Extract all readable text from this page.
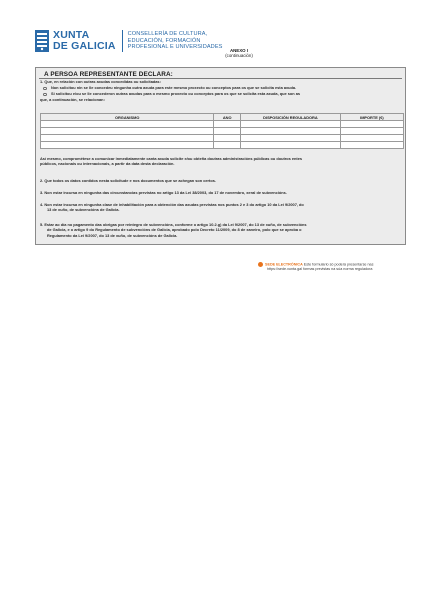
XUNTA
DE GALICIA
CONSELLERÍA DE CULTURA,
EDUCACIÓN, FORMACIÓN
PROFESIONAL E UNIVERSIDADES
ANEXO I
(continuación)
A PERSOA REPRESENTANTE DECLARA:
1. Que, en relación con outras axudas concedidas ou solicitadas:
Non solicitou nin se lle concedeu ningunha outra axuda para este mesmo proxecto ou conceptos para os que se solicita esta axuda.
Si solicitou e/ou se lle concederon outras axudas para o mesmo proxecto ou conceptos para os que se solicita esta axuda, que son as
que, a continuación, se relacionan:
ORGANISMO	ANO	DISPOSICIÓN REGULADORA	IMPORTE (€)

Así mesmo, comprométese a comunicar inmediatamente canta axuda solicite e/ou obteña doutras administracións públicas ou doutros entes
públicos, nacionais ou internacionais, a partir da data desta declaración.
2. Que todos os datos contidos nesta solicitude e nos documentos que se achegan son certos.
3. Non estar incursa en ningunha das circunstancias previstas no artigo 13 da Lei 38/2003, do 17 de novembro, xeral de subvencións.
4. Non estar incursa en ningunha clase de inhabilitación para a obtención das axudas previstas nos puntos 2 e 3 do artigo 10 da Lei 9/2007, do
13 de xuño, de subvencións de Galicia.
5. Estar ao día no pagamento das obrigas por reintegro de subvencións, conforme o artigo 10.2.g) da Lei 9/2007, do 13 de xuño, de subvencións
de Galicia, e o artigo 9 do Regulamento de subvencións de Galicia, aprobado polo Decreto 11/2009, do 8 de xaneiro, polo que se aproba o
Regulamento da Lei 9/2007, do 13 de xuño, de subvencións de Galicia.
SEDE ELECTRÓNICA Este formulario só poderá presentarse nas
https://sede.xunta.gal formas previstas na súa norma reguladora
